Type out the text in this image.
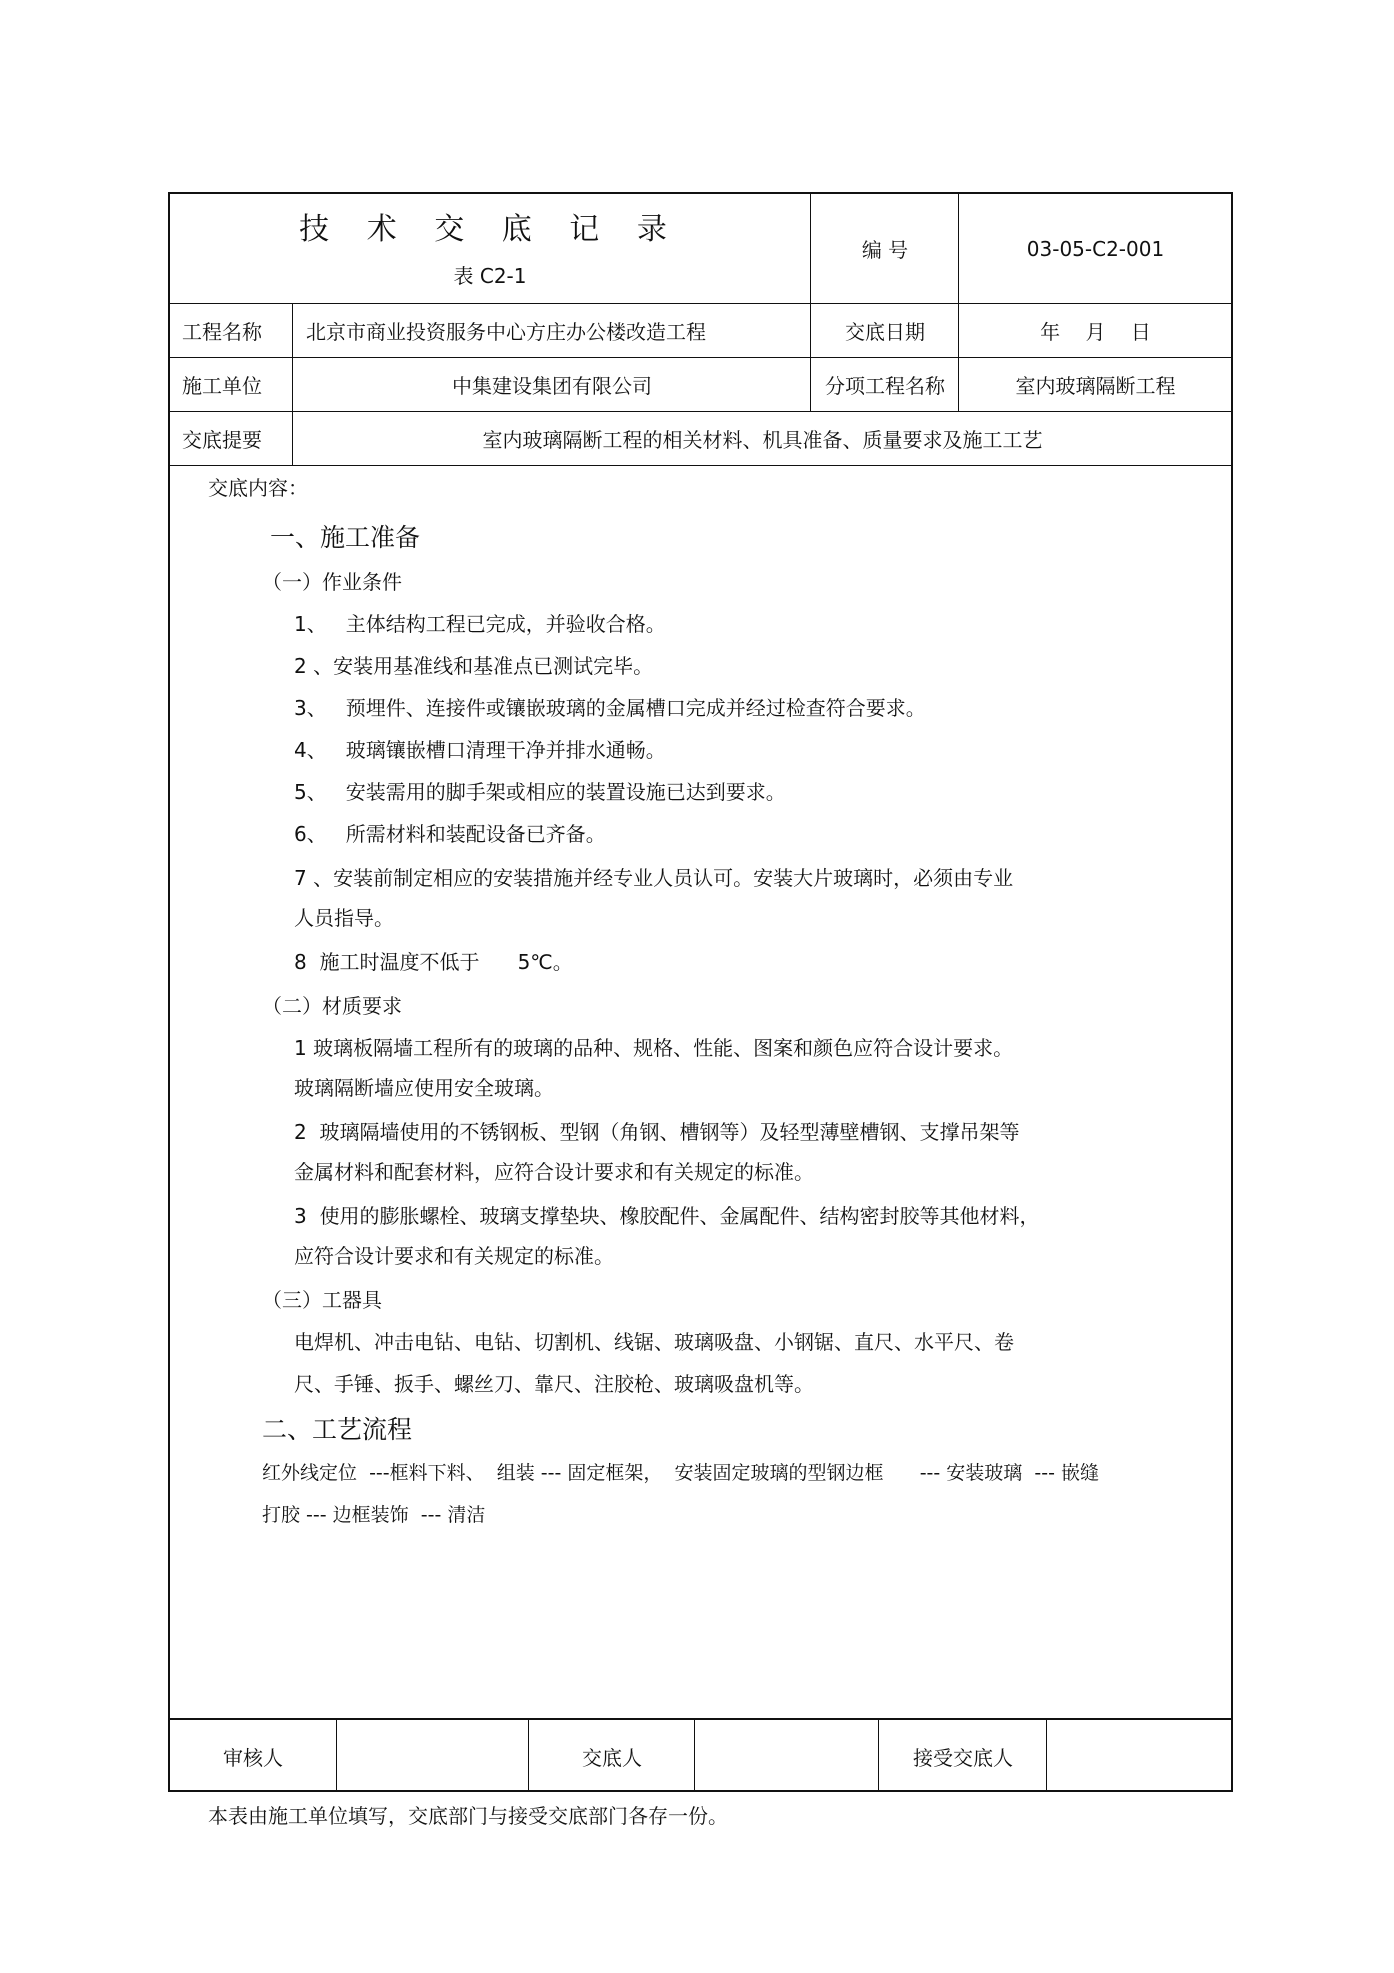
技 术 交 底 记 录
表 C2-1
编 号	03-05-C2-001
工程名称	北京市商业投资服务中心方庄办公楼改造工程	交底日期	年    月    日
施工单位	中集建设集团有限公司	分项工程名称	室内玻璃隔断工程
交底提要	室内玻璃隔断工程的相关材料、机具准备、质量要求及施工工艺
交底内容：
一、施工准备
（一）作业条件
1、   主体结构工程已完成，并验收合格。
2 、安装用基准线和基准点已测试完毕。
3、   预埋件、连接件或镶嵌玻璃的金属槽口完成并经过检查符合要求。
4、   玻璃镶嵌槽口清理干净并排水通畅。
5、   安装需用的脚手架或相应的装置设施已达到要求。
6、   所需材料和装配设备已齐备。
7 、安装前制定相应的安装措施并经专业人员认可。安装大片玻璃时，必须由专业
人员指导。
8  施工时温度不低于      5℃。
（二）材质要求
1 玻璃板隔墙工程所有的玻璃的品种、规格、性能、图案和颜色应符合设计要求。
玻璃隔断墙应使用安全玻璃。
2  玻璃隔墙使用的不锈钢板、型钢（角钢、槽钢等）及轻型薄壁槽钢、支撑吊架等
金属材料和配套材料，应符合设计要求和有关规定的标准。
3  使用的膨胀螺栓、玻璃支撑垫块、橡胶配件、金属配件、结构密封胶等其他材料，
应符合设计要求和有关规定的标准。
（三）工器具
电焊机、冲击电钻、电钻、切割机、线锯、玻璃吸盘、小钢锯、直尺、水平尺、卷
尺、手锤、扳手、螺丝刀、靠尺、注胶枪、玻璃吸盘机等。
二、工艺流程
红外线定位  ---框料下料、  组装 --- 固定框架，  安装固定玻璃的型钢边框      --- 安装玻璃  --- 嵌缝
打胶 --- 边框装饰  --- 清洁
审核人	交底人	接受交底人
本表由施工单位填写，交底部门与接受交底部门各存一份。
